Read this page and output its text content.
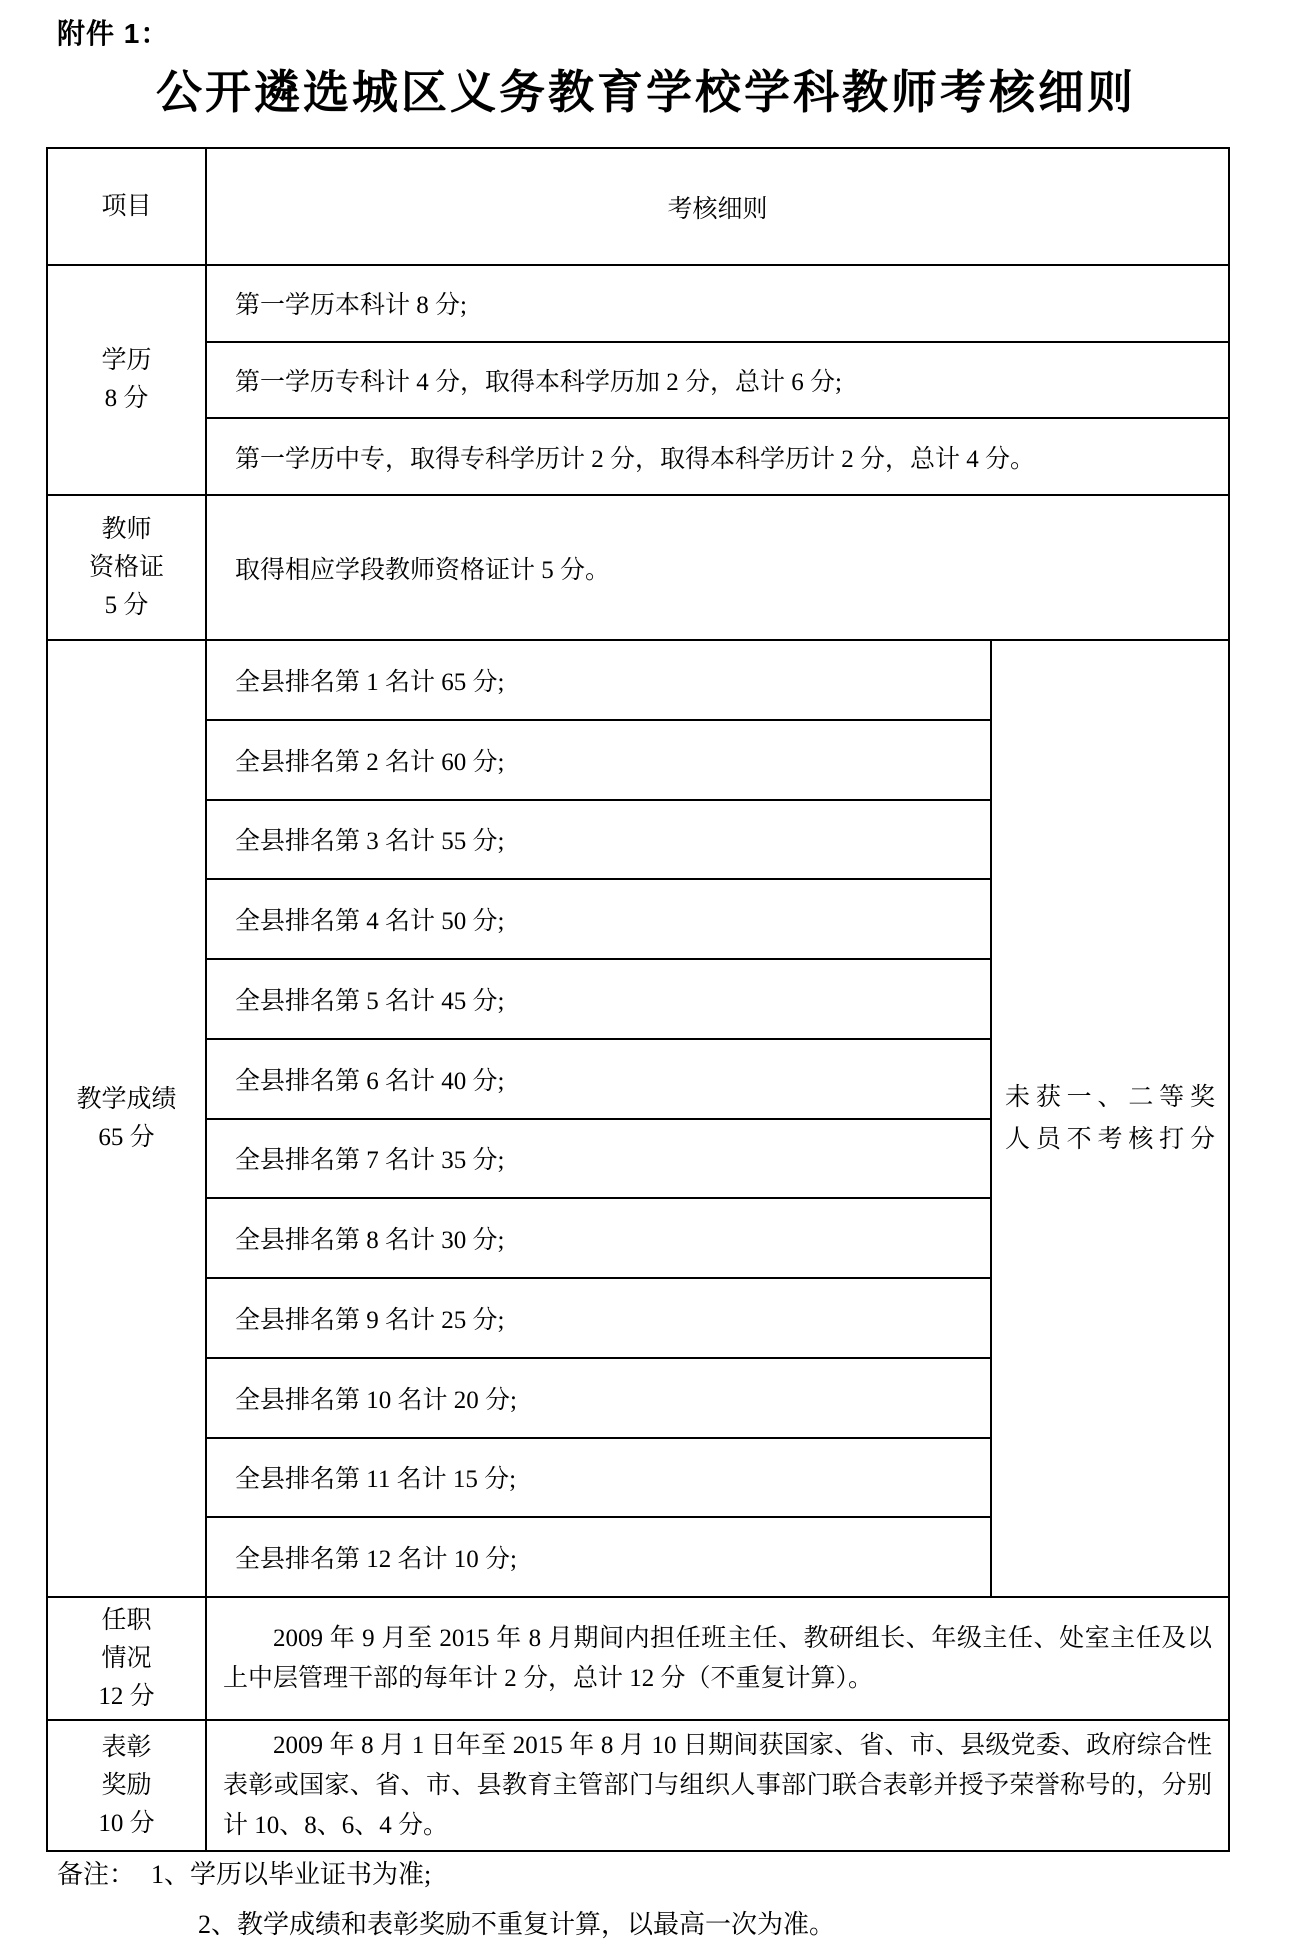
附件 1：
公开遴选城区义务教育学校学科教师考核细则
项目	考核细则
学历
8 分
第一学历本科计 8 分;
第一学历专科计 4 分，取得本科学历加 2 分，总计 6 分;
第一学历中专，取得专科学历计 2 分，取得本科学历计 2 分，总计 4 分。
教师
资格证
5 分
取得相应学段教师资格证计 5 分。
教学成绩
65 分
全县排名第 1 名计 65 分;
全县排名第 2 名计 60 分;
全县排名第 3 名计 55 分;
全县排名第 4 名计 50 分;
全县排名第 5 名计 45 分;
全县排名第 6 名计 40 分;
全县排名第 7 名计 35 分;
全县排名第 8 名计 30 分;
全县排名第 9 名计 25 分;
全县排名第 10 名计 20 分;
全县排名第 11 名计 15 分;
全县排名第 12 名计 10 分;
未获一、二等奖
人员不考核打分
任职
情况
12 分

2009 年 9 月至 2015 年 8 月期间内担任班主任、教研组长、年级主任、处室主任及以上中层管理干部的每年计 2 分，总计 12 分（不重复计算）。

表彰
奖励
10 分

2009 年 8 月 1 日年至 2015 年 8 月 10 日期间获国家、省、市、县级党委、政府综合性表彰或国家、省、市、县教育主管部门与组织人事部门联合表彰并授予荣誉称号的，分别计 10、8、6、4 分。

备注： 1、学历以毕业证书为准;
2、教学成绩和表彰奖励不重复计算，以最高一次为准。
